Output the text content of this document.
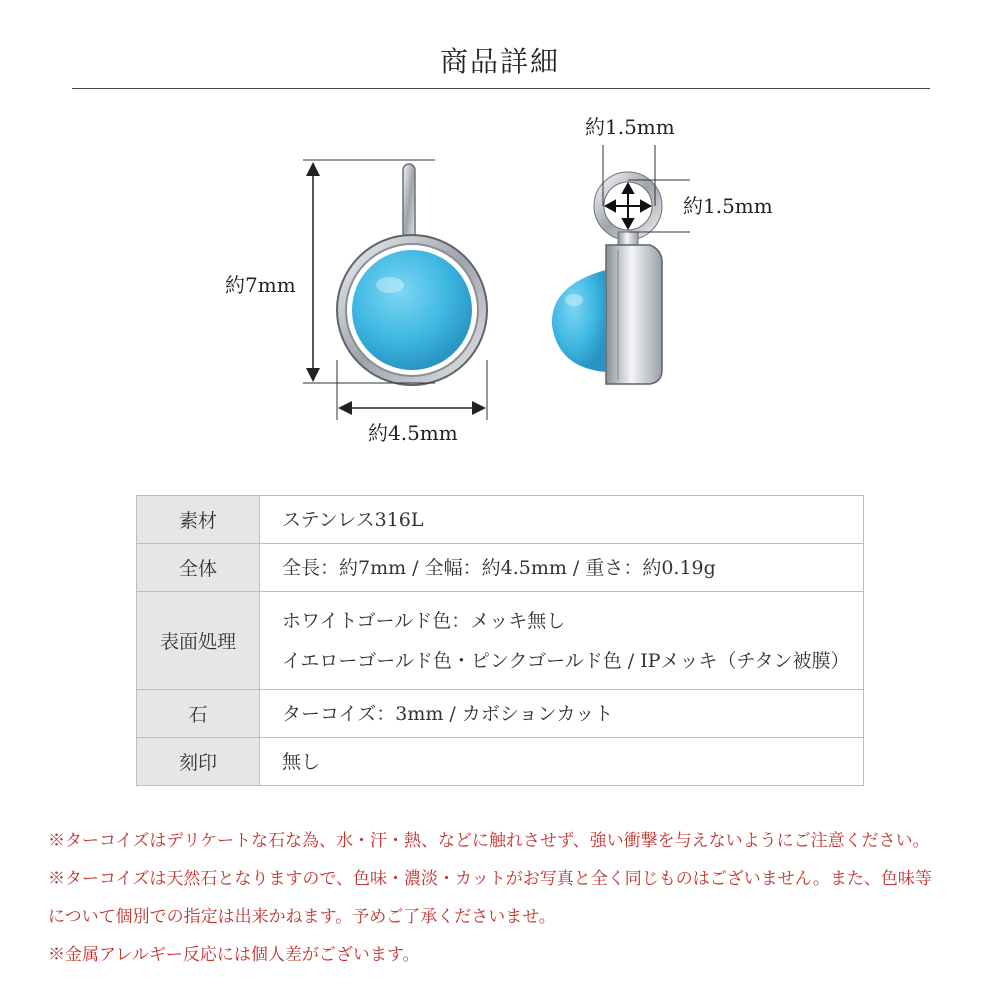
商品詳細
約7mm
約4.5mm
約1.5mm
約1.5mm
素材	ステンレス316L

全体	全長：約7mm / 全幅：約4.5mm / 重さ：約0.19g

表面処理	ホワイトゴールド色：メッキ無し
イエローゴールド色・ピンクゴールド色 / IPメッキ（チタン被膜）

石	ターコイズ：3mm / カボションカット

刻印	無し
※ターコイズはデリケートな石な為、水・汗・熱、などに触れさせず、強い衝撃を与えないようにご注意ください。
※ターコイズは天然石となりますので、色味・濃淡・カットがお写真と全く同じものはございません。また、色味等
について個別での指定は出来かねます。予めご了承くださいませ。
※金属アレルギー反応には個人差がございます。
